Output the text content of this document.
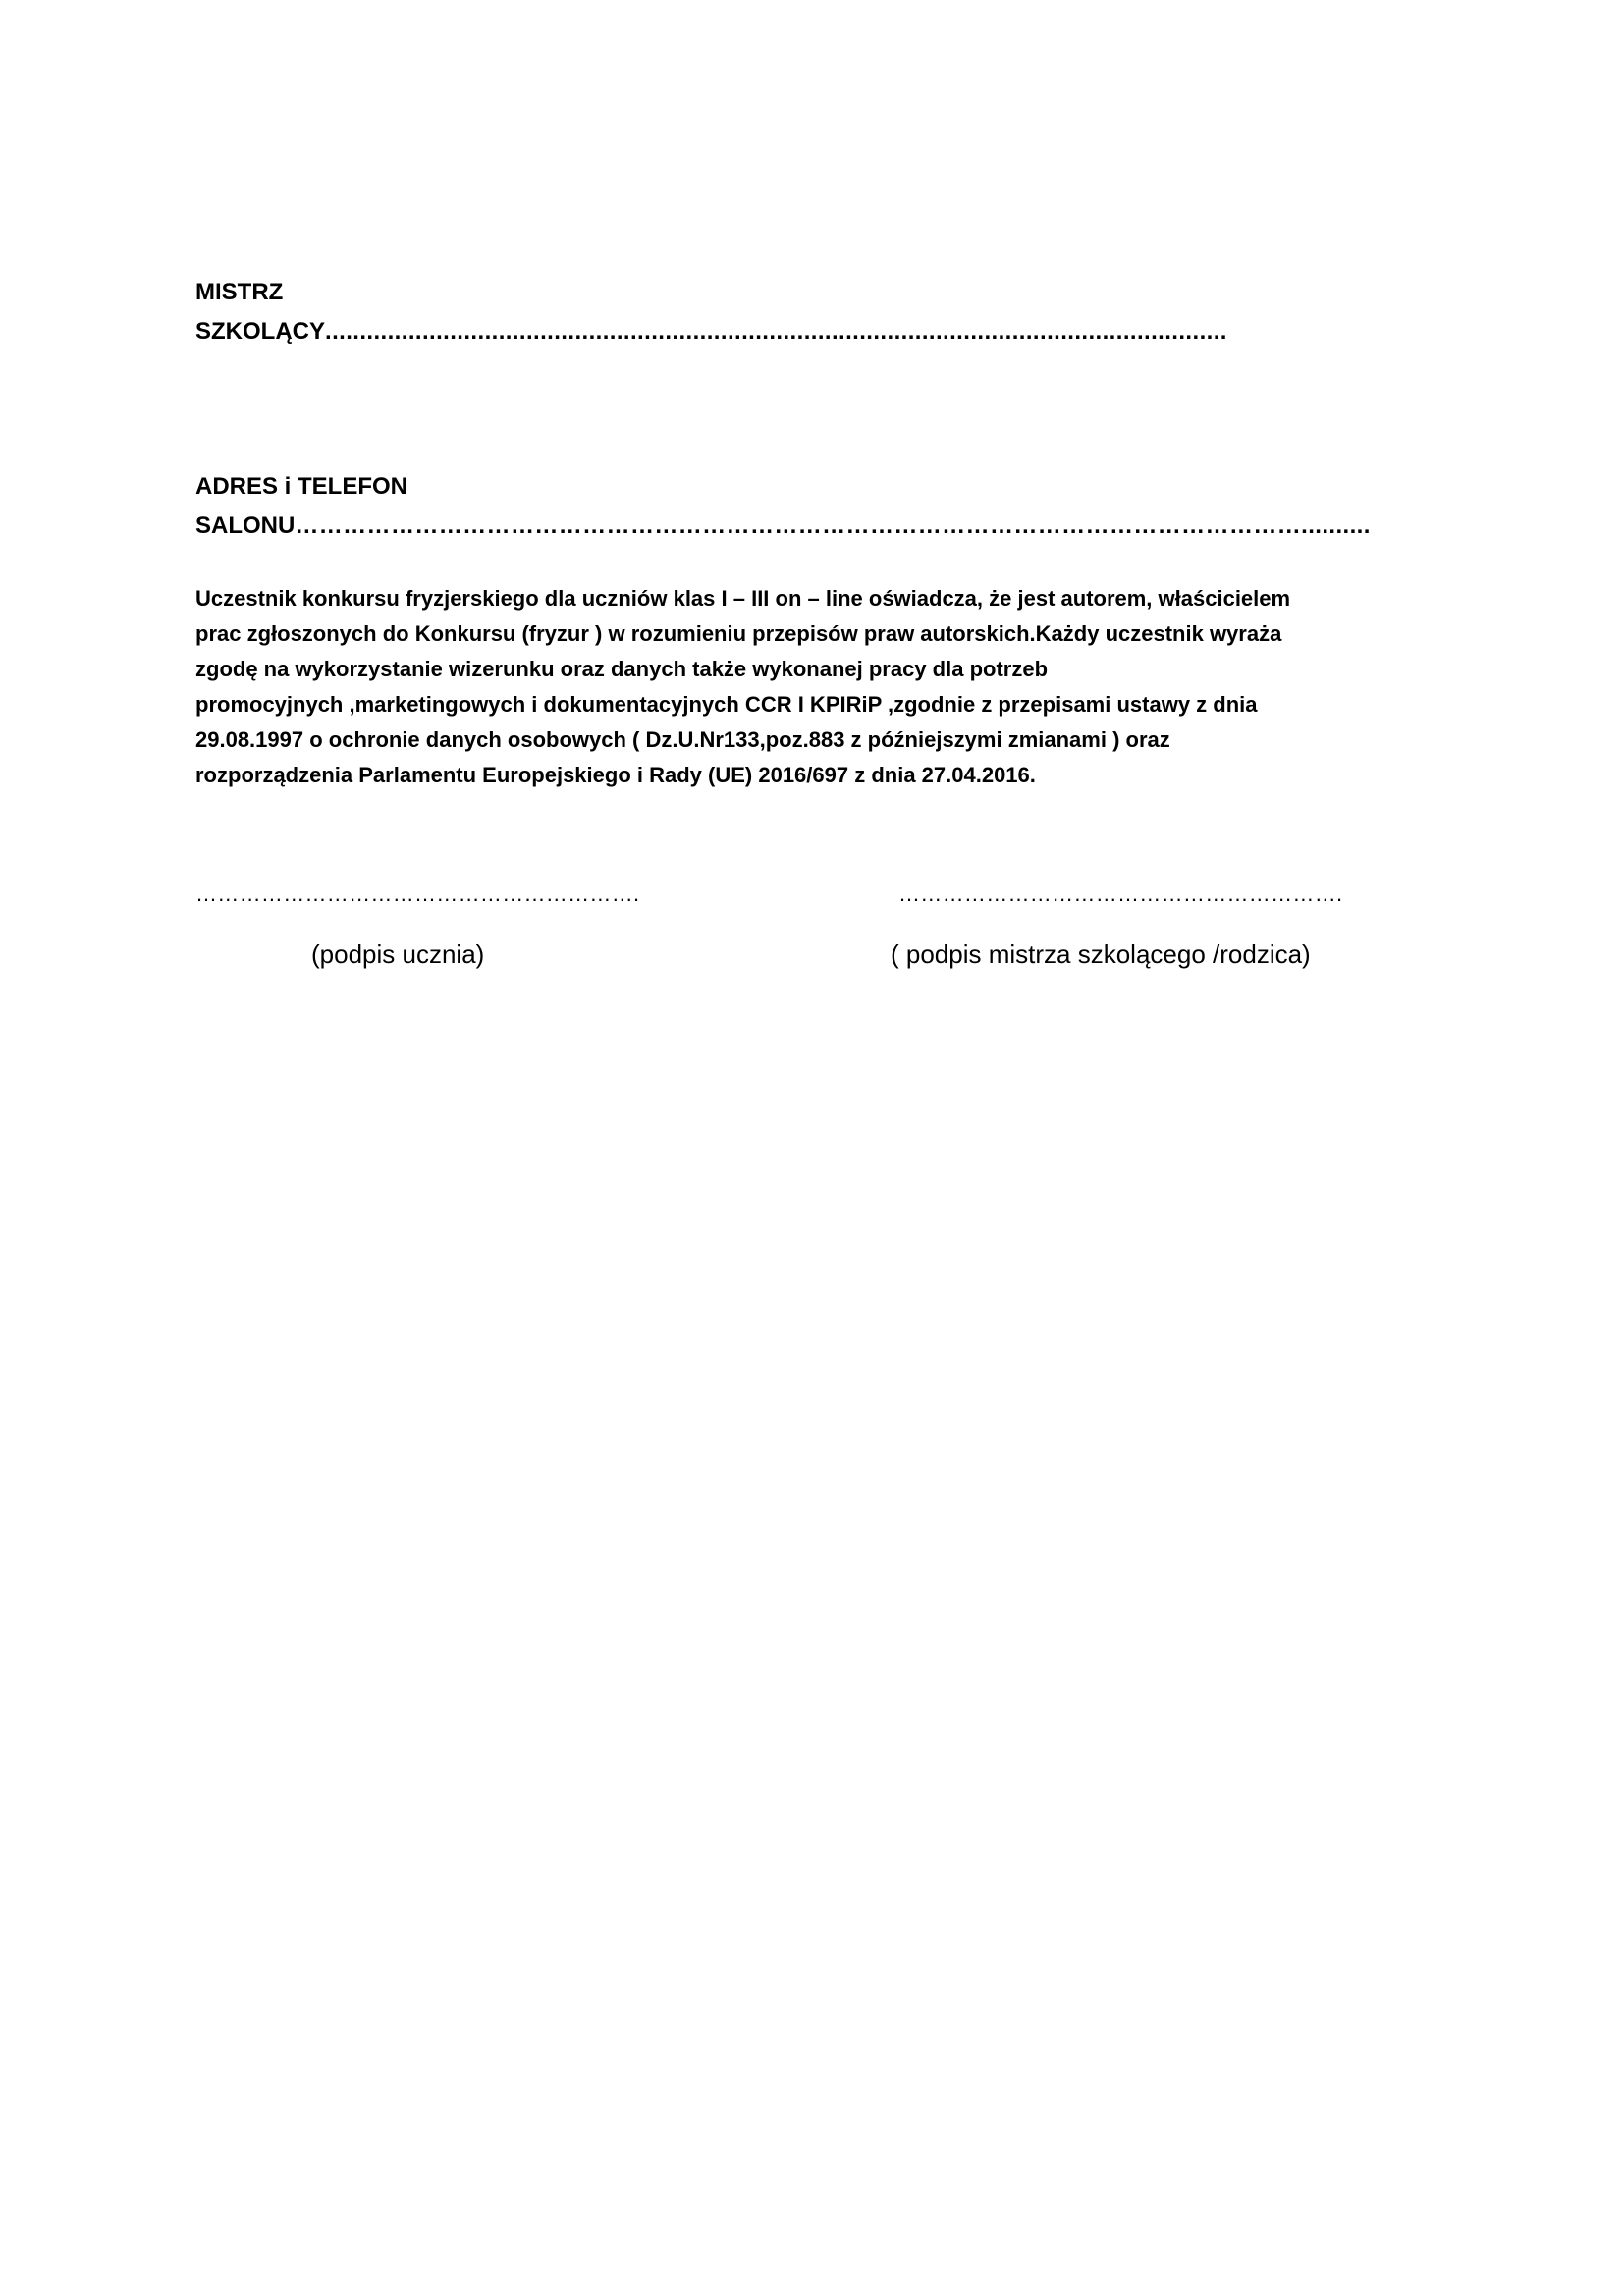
MISTRZ
SZKOLĄCY..................................................................................................................................
ADRES i TELEFON
SALONU………………………………………………………………………………………………………………..........
Uczestnik konkursu fryzjerskiego dla uczniów klas I – III on – line oświadcza, że jest autorem, właścicielem
prac zgłoszonych do Konkursu (fryzur ) w rozumieniu przepisów praw autorskich.Każdy uczestnik wyraża
zgodę na wykorzystanie wizerunku oraz danych także wykonanej pracy dla potrzeb
promocyjnych ,marketingowych i dokumentacyjnych CCR I KPIRiP ,zgodnie z przepisami ustawy z dnia
29.08.1997 o ochronie danych osobowych ( Dz.U.Nr133,poz.883 z późniejszymi zmianami ) oraz
rozporządzenia Parlamentu Europejskiego i Rady (UE) 2016/697 z dnia 27.04.2016.
…………………………………………………….	…………………………………………………….
(podpis ucznia)	( podpis mistrza szkolącego /rodzica)
